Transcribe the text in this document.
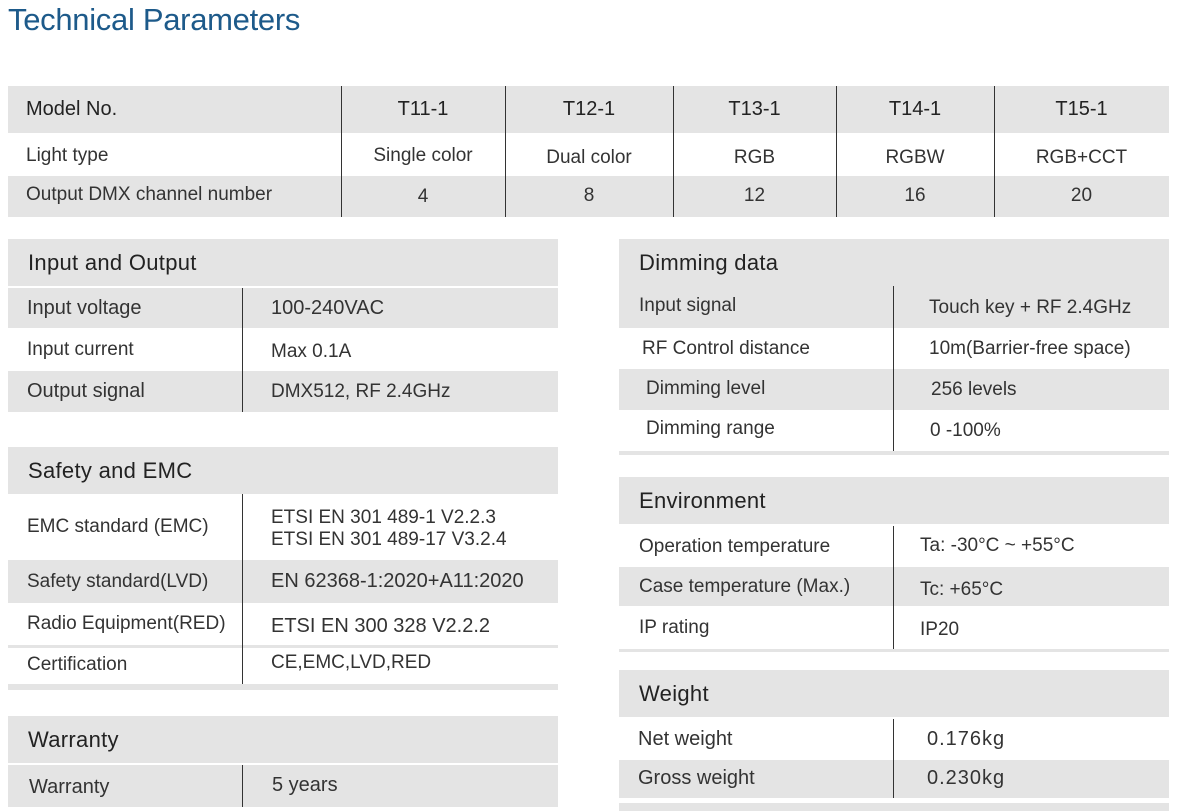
Technical Parameters
Model No.	T11-1	T12-1	T13-1	T14-1	T15-1
Light type	Single color	Dual color	RGB	RGBW	RGB+CCT
Output DMX channel number	4	8	12	16	20
Input and Output
Input voltage	100-240VAC
Input current	Max 0.1A
Output signal	DMX512, RF 2.4GHz
Safety and EMC
EMC standard (EMC)	ETSI EN 301 489-1 V2.2.3
ETSI EN 301 489-17 V3.2.4
Safety standard(LVD)	EN 62368-1:2020+A11:2020
Radio Equipment(RED) ETSI EN 300 328 V2.2.2
Certification	CE,EMC,LVD,RED
Warranty
Warranty	5 years
Dimming data
Input signal	Touch key + RF 2.4GHz
RF Control distance	10m(Barrier-free space)
Dimming level	256 levels
Dimming range	0 -100%
Environment
Operation temperature	Ta: -30°C ~ +55°C
Case temperature (Max.)	Tc: +65°C
IP rating	IP20
Weight
Net weight	0.176kg
Gross weight	0.230kg
